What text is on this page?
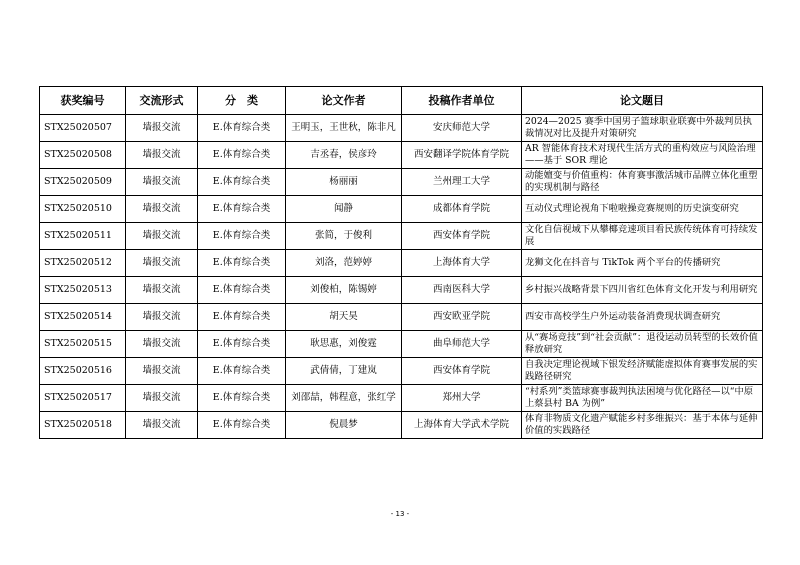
获奖编号	交流形式	分　类	论文作者	投稿作者单位	论文题目
STX25020507	墙报交流	E.体育综合类	王明玉，王世秋，陈非凡	安庆师范大学	2024—2025 赛季中国男子篮球职业联赛中外裁判员执裁情况对比及提升对策研究
STX25020508	墙报交流	E.体育综合类	吉丞春，侯彦玲	西安翻译学院体育学院	AR 智能体育技术对现代生活方式的重构效应与风险治理——基于 SOR 理论
STX25020509	墙报交流	E.体育综合类	杨丽丽	兰州理工大学	动能嬗变与价值重构：体育赛事激活城市品牌立体化重塑的实现机制与路径
STX25020510	墙报交流	E.体育综合类	闻静	成都体育学院	互动仪式理论视角下啦啦操竞赛规则的历史演变研究
STX25020511	墙报交流	E.体育综合类	张简，于俊利	西安体育学院	文化自信视域下从攀椰竞速项目看民族传统体育可持续发展
STX25020512	墙报交流	E.体育综合类	刘洛，范婷婷	上海体育大学	龙狮文化在抖音与 TikTok 两个平台的传播研究
STX25020513	墙报交流	E.体育综合类	刘俊柏，陈锡婷	西南医科大学	乡村振兴战略背景下四川省红色体育文化开发与利用研究
STX25020514	墙报交流	E.体育综合类	胡天昊	西安欧亚学院	西安市高校学生户外运动装备消费现状调查研究
STX25020515	墙报交流	E.体育综合类	耿思惠，刘俊霆	曲阜师范大学	从“赛场竞技”到“社会贡献”：退役运动员转型的长效价值释放研究
STX25020516	墙报交流	E.体育综合类	武倩倩，丁建岚	西安体育学院	自我决定理论视域下银发经济赋能虚拟体育赛事发展的实践路径研究
STX25020517	墙报交流	E.体育综合类	刘邵喆，韩程意，张红学	郑州大学	“村系列”类篮球赛事裁判执法困境与优化路径—以“中原上蔡县村 BA 为例”
STX25020518	墙报交流	E.体育综合类	倪晨梦	上海体育大学武术学院	体育非物质文化遗产赋能乡村多维振兴：基于本体与延伸价值的实践路径
- 13 -
